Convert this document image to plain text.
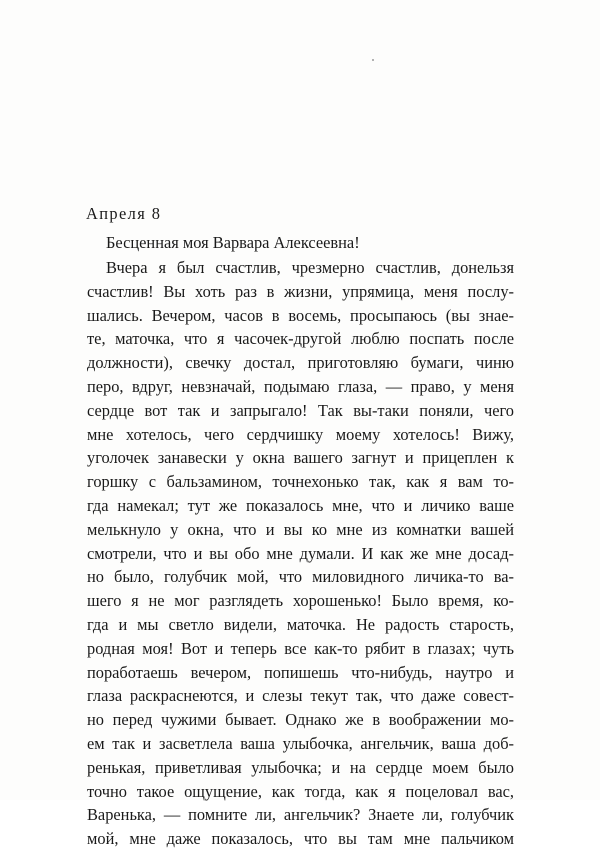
Апреля 8
Бесценная моя Варвара Алексеевна!
Вчера я был счастлив, чрезмерно счастлив, донельзя
счастлив! Вы хоть раз в жизни, упрямица, меня послу-
шались. Вечером, часов в восемь, просыпаюсь (вы знае-
те, маточка, что я часочек-другой люблю поспать после
должности), свечку достал, приготовляю бумаги, чиню
перо, вдруг, невзначай, подымаю глаза, — право, у меня
сердце вот так и запрыгало! Так вы-таки поняли, чего
мне хотелось, чего сердчишку моему хотелось! Вижу,
уголочек занавески у окна вашего загнут и прицеплен к
горшку с бальзамином, точнехонько так, как я вам то-
гда намекал; тут же показалось мне, что и личико ваше
мелькнуло у окна, что и вы ко мне из комнатки вашей
смотрели, что и вы обо мне думали. И как же мне досад-
но было, голубчик мой, что миловидного личика-то ва-
шего я не мог разглядеть хорошенько! Было время, ко-
гда и мы светло видели, маточка. Не радость старость,
родная моя! Вот и теперь все как-то рябит в глазах; чуть
поработаешь вечером, попишешь что-нибудь, наутро и
глаза раскраснеются, и слезы текут так, что даже совест-
но перед чужими бывает. Однако же в воображении мо-
ем так и засветлела ваша улыбочка, ангельчик, ваша доб-
ренькая, приветливая улыбочка; и на сердце моем было
точно такое ощущение, как тогда, как я поцеловал вас,
Варенька, — помните ли, ангельчик? Знаете ли, голубчик
мой, мне даже показалось, что вы там мне пальчиком
